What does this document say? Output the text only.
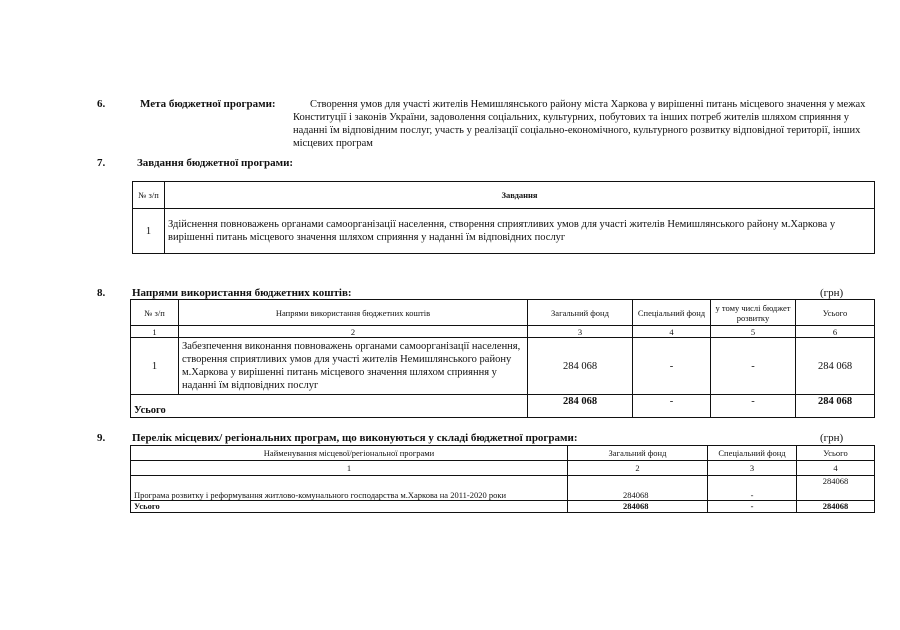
6.	Мета бюджетної програми:	Створення умов для участі жителів Немишлянського району міста Харкова у вирішенні питань місцевого значення у межах Конституції і законів України, задоволення соціальних, культурних, побутових та інших потреб жителів шляхом сприяння у наданні їм відповідним послуг, участь у реалізації соціально-економічного, культурного розвитку відповідної території, інших місцевих програм
7.	Завдання бюджетної програми:
№ з/п	Завдання
1	Здійснення повноважень органами самоорганізації населення, створення сприятливих умов для участі жителів Немишлянського району м.Харкова у вирішенні питань місцевого значення шляхом сприяння у наданні їм відповідних послуг
8. Напрями використання бюджетних коштів:	(грн)
№ з/п	Напрями використання бюджетних коштів	Загальний фонд	Спеціальний фонд	у тому числі бюджет розвитку	Усього
1	2	3	4	5	6
1	Забезпечення виконання повноважень органами самоорганізації населення, створення сприятливих умов для участі жителів Немишлянського району м.Харкова у вирішенні питань місцевого значення шляхом сприяння у наданні їм відповідних послуг	284 068	-	-	284 068
Усього		284 068	-	-	284 068
9. Перелік місцевих/ регіональних програм, що виконуються у складі бюджетної програми:	(грн)
Найменування місцевої/регіональної програми	Загальний фонд	Спеціальний фонд	Усього
1	2	3	4
Програма розвитку і реформування житлово-комунального господарства м.Харкова на 2011-2020 роки	284068	-	284068
Усього	284068	-	284068
